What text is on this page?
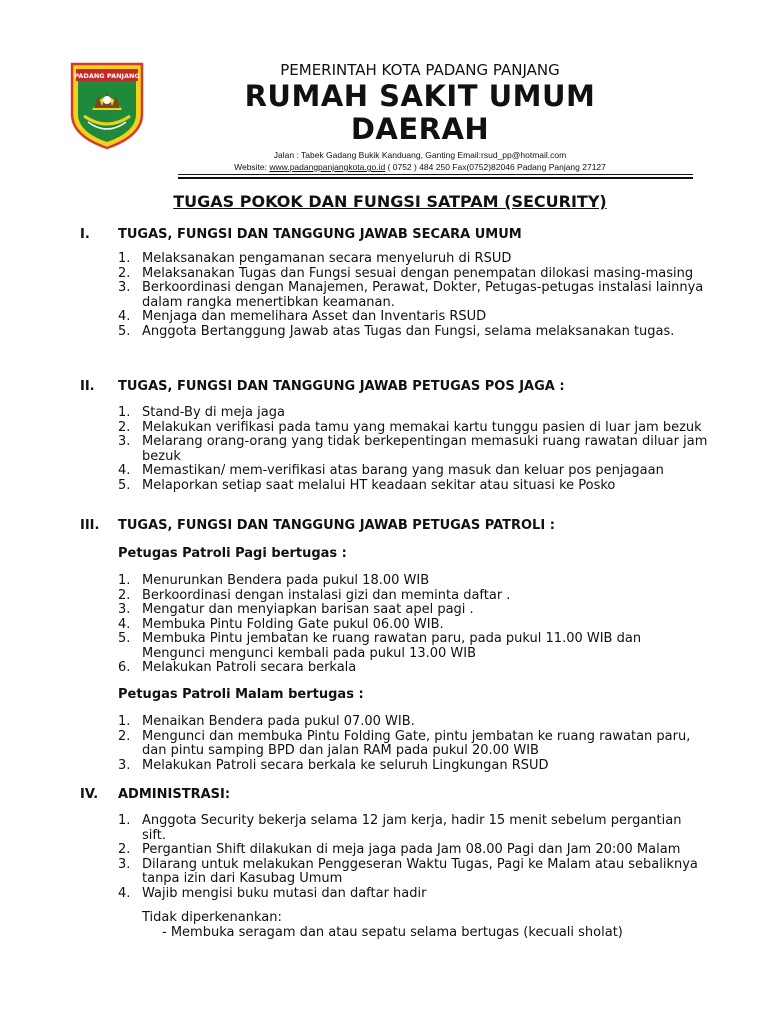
PADANG PANJANG	PEMERINTAH KOTA PADANG PANJANG
RUMAH SAKIT UMUM
DAERAH
Jalan : Tabek Gadang Bukik Kanduang, Ganting Email:rsud_pp@hotmail.com
Website: www.padangpanjangkota.go.id ( 0752 ) 484 250 Fax(0752)82046 Padang Panjang 27127
TUGAS POKOK DAN FUNGSI SATPAM (SECURITY)
I. TUGAS, FUNGSI DAN TANGGUNG JAWAB SECARA UMUM
1. Melaksanakan pengamanan secara menyeluruh di RSUD
2. Melaksanakan Tugas dan Fungsi sesuai dengan penempatan dilokasi masing-masing
3. Berkoordinasi dengan Manajemen, Perawat, Dokter, Petugas-petugas instalasi lainnya dalam rangka menertibkan keamanan.
4. Menjaga dan memelihara Asset dan Inventaris RSUD
5. Anggota Bertanggung Jawab atas Tugas dan Fungsi, selama melaksanakan tugas.
II. TUGAS, FUNGSI DAN TANGGUNG JAWAB PETUGAS POS JAGA :
1. Stand-By di meja jaga
2. Melakukan verifikasi pada tamu yang memakai kartu tunggu pasien di luar jam bezuk
3. Melarang orang-orang yang tidak berkepentingan memasuki ruang rawatan diluar jam bezuk
4. Memastikan/ mem-verifikasi atas barang yang masuk dan keluar pos penjagaan
5. Melaporkan setiap saat melalui HT keadaan sekitar atau situasi ke Posko
III. TUGAS, FUNGSI DAN TANGGUNG JAWAB PETUGAS PATROLI :
Petugas Patroli Pagi bertugas :
1. Menurunkan Bendera pada pukul 18.00 WIB
2. Berkoordinasi dengan instalasi gizi dan meminta daftar .
3. Mengatur dan menyiapkan barisan saat apel pagi .
4. Membuka Pintu Folding Gate pukul 06.00 WIB.
5. Membuka Pintu jembatan ke ruang rawatan paru, pada pukul 11.00 WIB dan Mengunci mengunci kembali pada pukul 13.00 WIB
6. Melakukan Patroli secara berkala
Petugas Patroli Malam bertugas :
1. Menaikan Bendera pada pukul 07.00 WIB.
2. Mengunci dan membuka Pintu Folding Gate, pintu jembatan ke ruang rawatan paru, dan pintu samping BPD dan jalan RAM pada pukul 20.00 WIB
3. Melakukan Patroli secara berkala ke seluruh Lingkungan RSUD
IV. ADMINISTRASI:
1. Anggota Security bekerja selama 12 jam kerja, hadir 15 menit sebelum pergantian sift.
2. Pergantian Shift dilakukan di meja jaga pada Jam 08.00 Pagi dan Jam 20:00 Malam
3. Dilarang untuk melakukan Penggeseran Waktu Tugas, Pagi ke Malam atau sebaliknya tanpa izin dari Kasubag Umum
4. Wajib mengisi buku mutasi dan daftar hadir
Tidak diperkenankan:
- Membuka seragam dan atau sepatu selama bertugas (kecuali sholat)
